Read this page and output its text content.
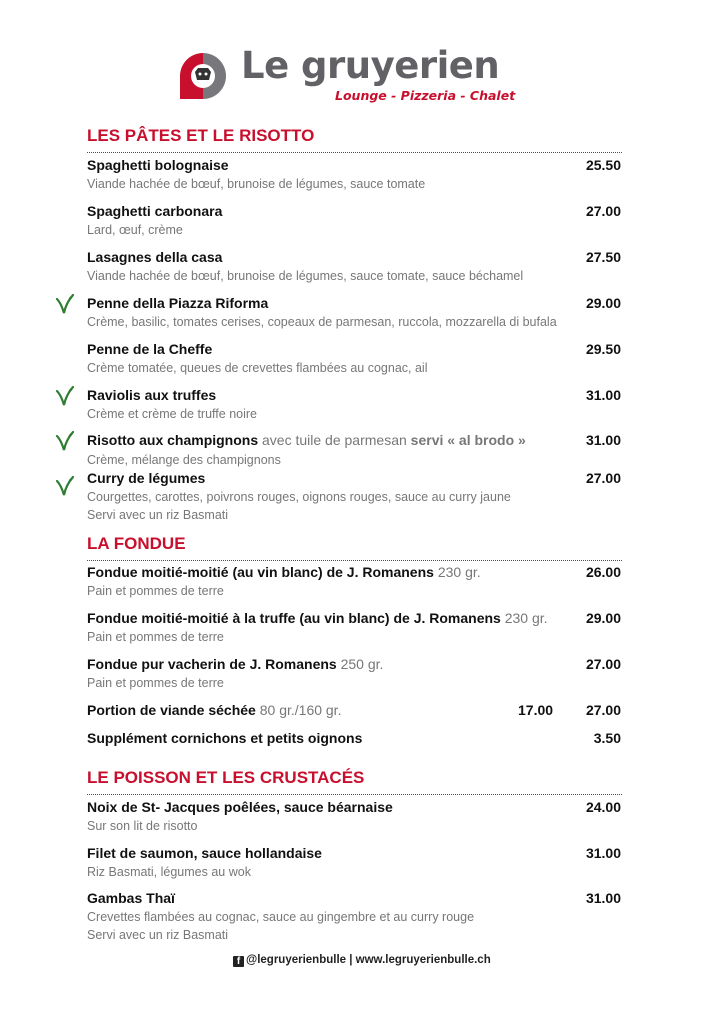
Le gruyerien
Lounge - Pizzeria - Chalet
LES PÂTES ET LE RISOTTO
Spaghetti bolognaise	25.50
Viande hachée de bœuf, brunoise de légumes, sauce tomate
Spaghetti carbonara	27.00
Lard, œuf, crème
Lasagnes della casa	27.50
Viande hachée de bœuf, brunoise de légumes, sauce tomate, sauce béchamel
Penne della Piazza Riforma	29.00
Crème, basilic, tomates cerises, copeaux de parmesan, ruccola, mozzarella di bufala
Penne de la Cheffe	29.50
Crème tomatée, queues de crevettes flambées au cognac, ail
Raviolis aux truffes	31.00
Crème et crème de truffe noire
Risotto aux champignons avec tuile de parmesan servi « al brodo »	31.00
Crème, mélange des champignons
Curry de légumes	27.00
Courgettes, carottes, poivrons rouges, oignons rouges, sauce au curry jaune
Servi avec un riz Basmati
LA FONDUE
Fondue moitié-moitié (au vin blanc) de J. Romanens 230 gr.	26.00
Pain et pommes de terre
Fondue moitié-moitié à la truffe (au vin blanc) de J. Romanens 230 gr.	29.00
Pain et pommes de terre
Fondue pur vacherin de J. Romanens 250 gr.	27.00
Pain et pommes de terre
Portion de viande séchée 80 gr./160 gr.	17.00 27.00
Supplément cornichons et petits oignons	3.50
LE POISSON ET LES CRUSTACÉS
Noix de St- Jacques poêlées, sauce béarnaise	24.00
Sur son lit de risotto
Filet de saumon, sauce hollandaise	31.00
Riz Basmati, légumes au wok
Gambas Thaï	31.00
Crevettes flambées au cognac, sauce au gingembre et au curry rouge
Servi avec un riz Basmati
f @legruyerienbulle | www.legruyerienbulle.ch
